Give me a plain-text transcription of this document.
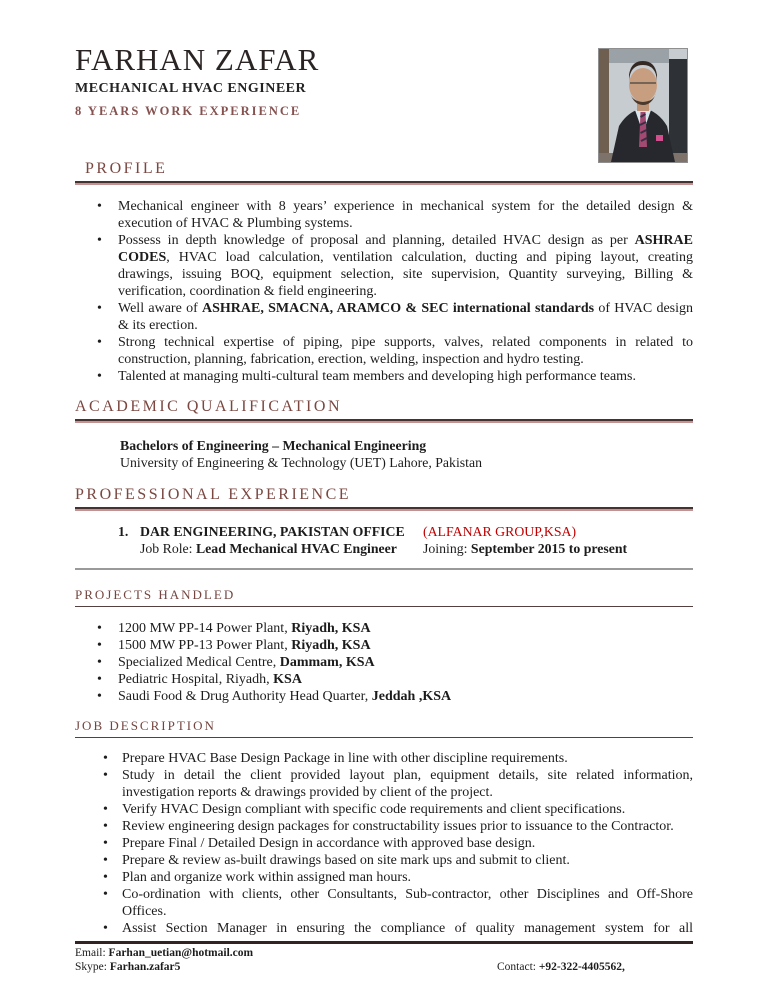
FARHAN ZAFAR
MECHANICAL HVAC ENGINEER
8 YEARS WORK EXPERIENCE
PROFILE
• Mechanical engineer with 8 years’ experience in mechanical system for the detailed design & execution of HVAC & Plumbing systems.
• Possess in depth knowledge of proposal and planning, detailed HVAC design as per ASHRAE CODES, HVAC load calculation, ventilation calculation, ducting and piping layout, creating drawings, issuing BOQ, equipment selection, site supervision, Quantity surveying, Billing & verification, coordination & field engineering.
• Well aware of ASHRAE, SMACNA, ARAMCO & SEC international standards of HVAC design & its erection.
• Strong technical expertise of piping, pipe supports, valves, related components in related to construction, planning, fabrication, erection, welding, inspection and hydro testing.
• Talented at managing multi-cultural team members and developing high performance teams.
ACADEMIC QUALIFICATION
Bachelors of Engineering – Mechanical Engineering
University of Engineering & Technology (UET) Lahore, Pakistan
PROFESSIONAL EXPERIENCE
1. DAR ENGINEERING, PAKISTAN OFFICE	(ALFANAR GROUP,KSA)
Job Role: Lead Mechanical HVAC Engineer	Joining: September 2015 to present
PROJECTS HANDLED
• 1200 MW PP-14 Power Plant, Riyadh, KSA
• 1500 MW PP-13 Power Plant, Riyadh, KSA
• Specialized Medical Centre, Dammam, KSA
• Pediatric Hospital, Riyadh, KSA
• Saudi Food & Drug Authority Head Quarter, Jeddah ,KSA
JOB DESCRIPTION
• Prepare HVAC Base Design Package in line with other discipline requirements.
• Study in detail the client provided layout plan, equipment details, site related information, investigation reports & drawings provided by client of the project.
• Verify HVAC Design compliant with specific code requirements and client specifications.
• Review engineering design packages for constructability issues prior to issuance to the Contractor.
• Prepare Final / Detailed Design in accordance with approved base design.
• Prepare & review as-built drawings based on site mark ups and submit to client.
• Plan and organize work within assigned man hours.
• Co-ordination with clients, other Consultants, Sub-contractor, other Disciplines and Off-Shore Offices.
• Assist Section Manager in ensuring the compliance of quality management system for all
Email: Farhan_uetian@hotmail.com
Skype: Farhan.zafar5	Contact: +92-322-4405562,
